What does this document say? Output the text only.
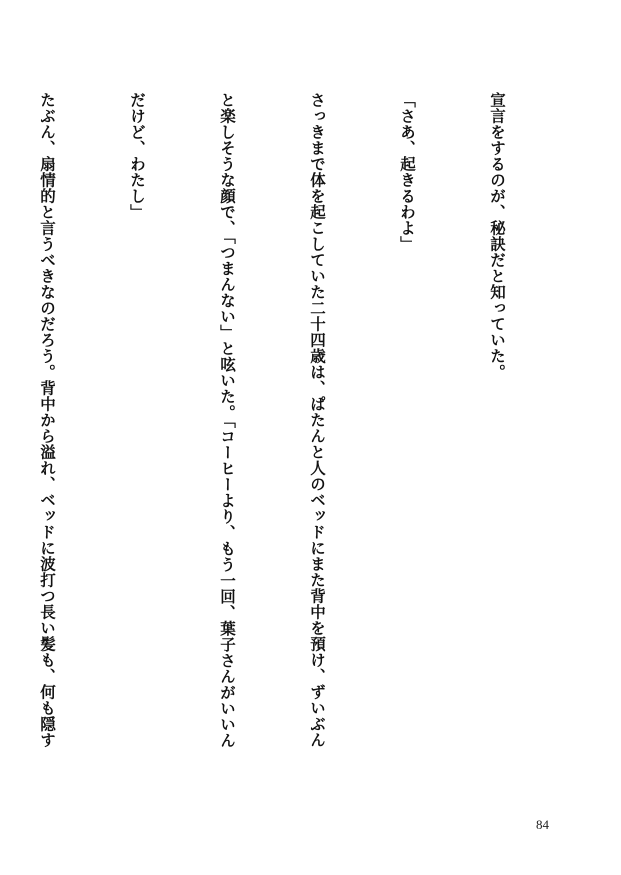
宣言をするのが、秘訣だと知っていた。

「さあ、起きるわよ」

さっきまで体を起こしていた二十四歳は、ぱたんと人のベッドにまた背中を預け、ずいぶん

と楽しそうな顔で、「つまんない」と呟いた。「コーヒーより、もう一回、葉子さんがいいん

だけど、わたし」

たぶん、扇情的と言うべきなのだろう。背中から溢れ、ベッドに波打つ長い髪も、何も隠す

84
